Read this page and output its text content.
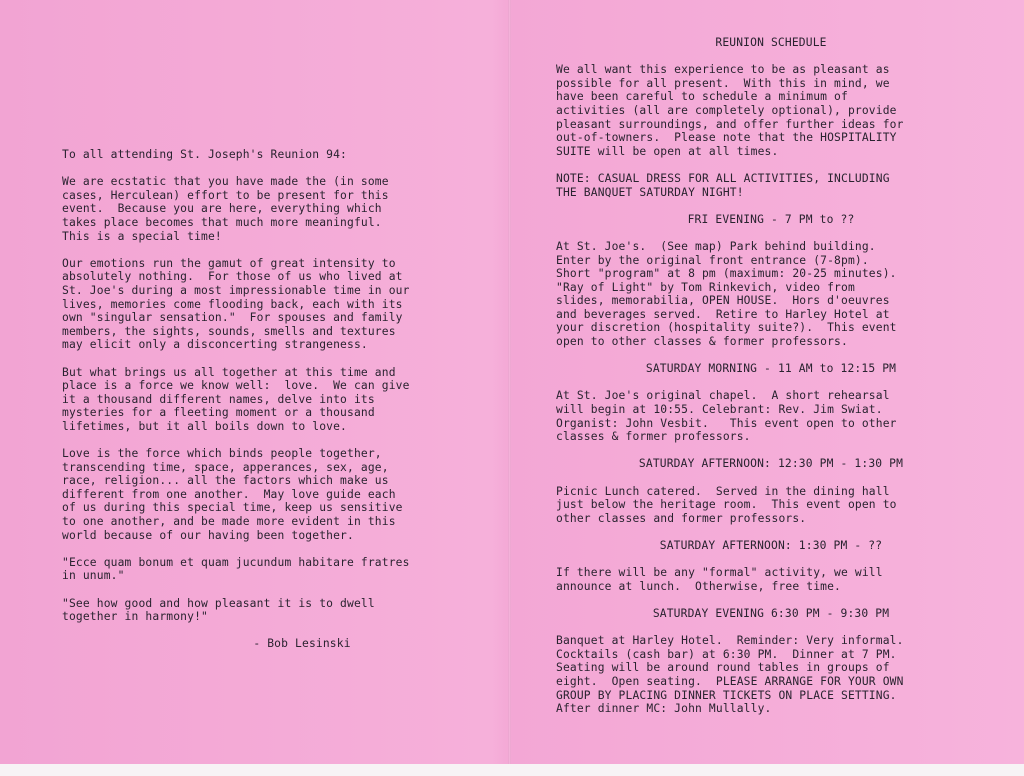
To all attending St. Joseph's Reunion 94:

We are ecstatic that you have made the (in some
cases, Herculean) effort to be present for this
event.  Because you are here, everything which
takes place becomes that much more meaningful.
This is a special time!

Our emotions run the gamut of great intensity to
absolutely nothing.  For those of us who lived at
St. Joe's during a most impressionable time in our
lives, memories come flooding back, each with its
own "singular sensation."  For spouses and family
members, the sights, sounds, smells and textures
may elicit only a disconcerting strangeness.

But what brings us all together at this time and
place is a force we know well:  love.  We can give
it a thousand different names, delve into its
mysteries for a fleeting moment or a thousand
lifetimes, but it all boils down to love.

Love is the force which binds people together,
transcending time, space, apperances, sex, age,
race, religion... all the factors which make us
different from one another.  May love guide each
of us during this special time, keep us sensitive
to one another, and be made more evident in this
world because of our having been together.

"Ecce quam bonum et quam jucundum habitare fratres
in unum."

"See how good and how pleasant it is to dwell
together in harmony!"

- Bob Lesinski

REUNION SCHEDULE

We all want this experience to be as pleasant as
possible for all present.  With this in mind, we
have been careful to schedule a minimum of
activities (all are completely optional), provide
pleasant surroundings, and offer further ideas for
out-of-towners.  Please note that the HOSPITALITY
SUITE will be open at all times.

NOTE: CASUAL DRESS FOR ALL ACTIVITIES, INCLUDING
THE BANQUET SATURDAY NIGHT!

FRI EVENING - 7 PM to ??

At St. Joe's.  (See map) Park behind building.
Enter by the original front entrance (7-8pm).
Short "program" at 8 pm (maximum: 20-25 minutes).
"Ray of Light" by Tom Rinkevich, video from
slides, memorabilia, OPEN HOUSE.  Hors d'oeuvres
and beverages served.  Retire to Harley Hotel at
your discretion (hospitality suite?).  This event
open to other classes & former professors.

SATURDAY MORNING - 11 AM to 12:15 PM

At St. Joe's original chapel.  A short rehearsal
will begin at 10:55. Celebrant: Rev. Jim Swiat.
Organist: John Vesbit.   This event open to other
classes & former professors.

SATURDAY AFTERNOON: 12:30 PM - 1:30 PM

Picnic Lunch catered.  Served in the dining hall
just below the heritage room.  This event open to
other classes and former professors.

SATURDAY AFTERNOON: 1:30 PM - ??

If there will be any "formal" activity, we will
announce at lunch.  Otherwise, free time.

SATURDAY EVENING 6:30 PM - 9:30 PM

Banquet at Harley Hotel.  Reminder: Very informal.
Cocktails (cash bar) at 6:30 PM.  Dinner at 7 PM.
Seating will be around round tables in groups of
eight.  Open seating.  PLEASE ARRANGE FOR YOUR OWN
GROUP BY PLACING DINNER TICKETS ON PLACE SETTING.
After dinner MC: John Mullally.
